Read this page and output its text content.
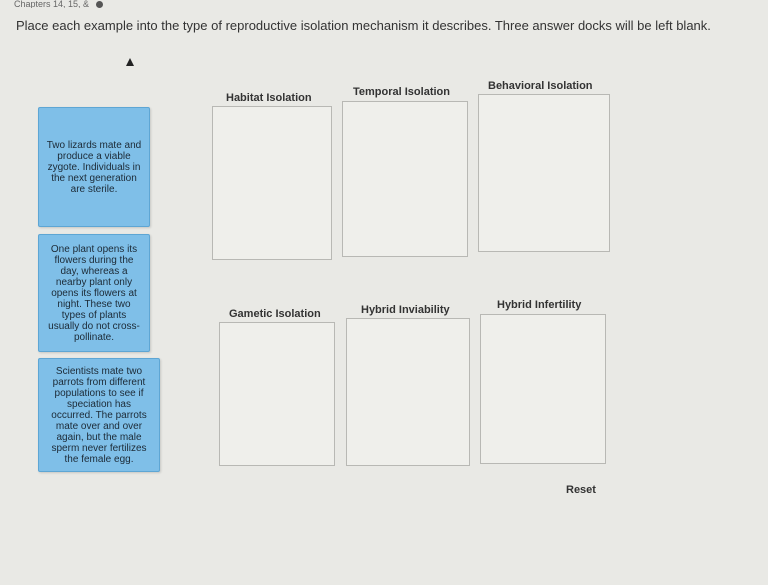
Chapters 14, 15, &
Place each example into the type of reproductive isolation mechanism it describes. Three answer docks will be left blank.
Two lizards mate and produce a viable zygote. Individuals in the next generation are sterile.
One plant opens its flowers during the day, whereas a nearby plant only opens its flowers at night. These two types of plants usually do not cross-pollinate.
Scientists mate two parrots from different populations to see if speciation has occurred. The parrots mate over and over again, but the male sperm never fertilizes the female egg.
Habitat Isolation	Temporal Isolation	Behavioral Isolation
Gametic Isolation	Hybrid Inviability	Hybrid Infertility
Reset
